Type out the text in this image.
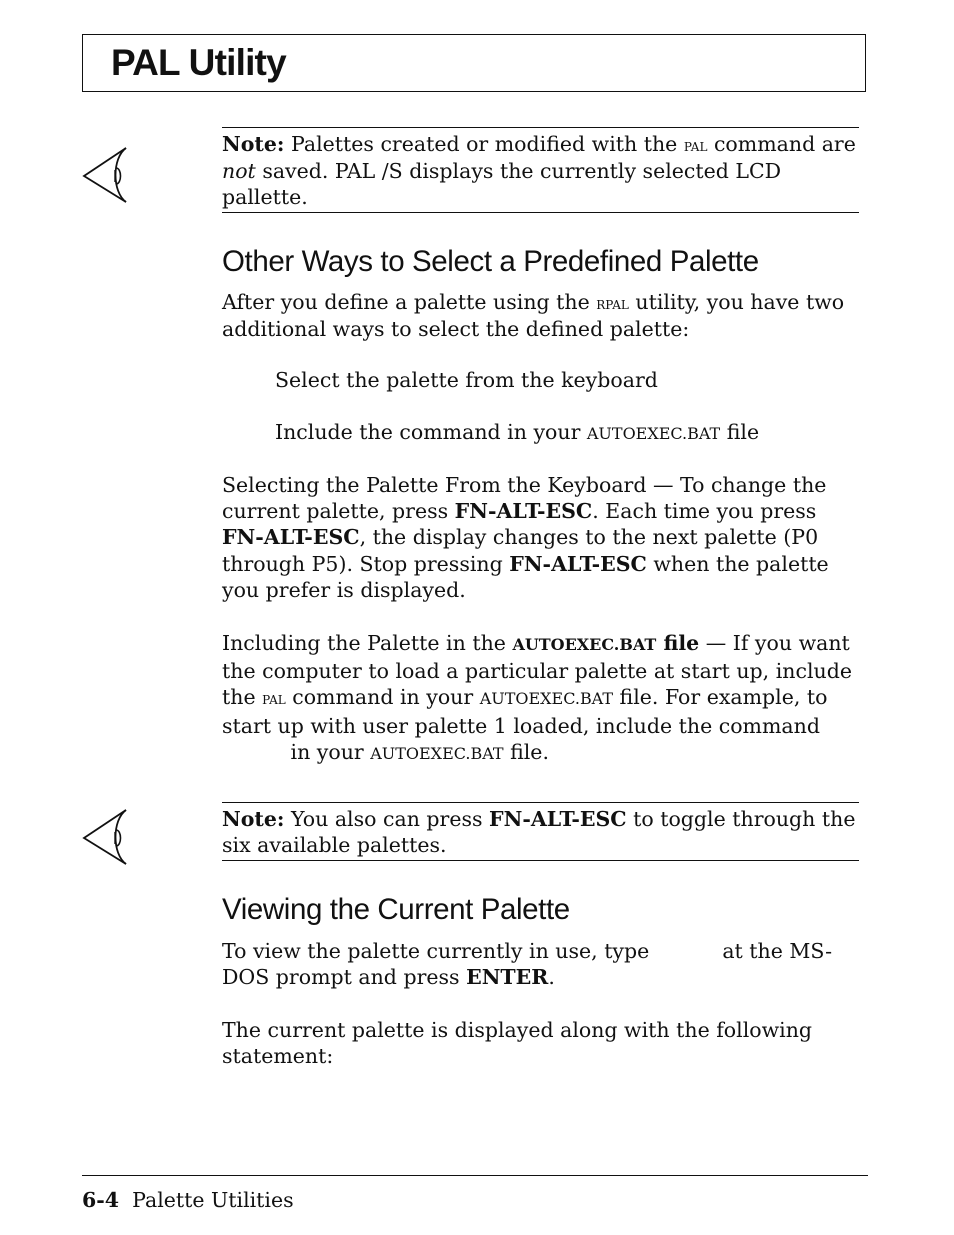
PAL Utility
Note: Palettes created or modified with the pal command are not saved. PAL /S displays the currently selected LCD pallette.
Other Ways to Select a Predefined Palette

After you define a palette using the rpal utility, you have two additional ways to select the defined palette:

Select the palette from the keyboard
Include the command in your AUTOEXEC.BAT file

Selecting the Palette From the Keyboard — To change the current palette, press FN-ALT-ESC. Each time you press FN-ALT-ESC, the display changes to the next palette (P0 through P5). Stop pressing FN-ALT-ESC when the palette you prefer is displayed.

Including the Palette in the AUTOEXEC.BAT file — If you want the computer to load a particular palette at start up, include the pal command in your AUTOEXEC.BAT file. For example, to start up with user palette 1 loaded, include the command  in your AUTOEXEC.BAT file.

Note: You also can press FN-ALT-ESC to toggle through the six available palettes.
Viewing the Current Palette

To view the palette currently in use, type	at the MS-DOS prompt and press ENTER.

The current palette is displayed along with the following statement:
6-4 Palette Utilities
